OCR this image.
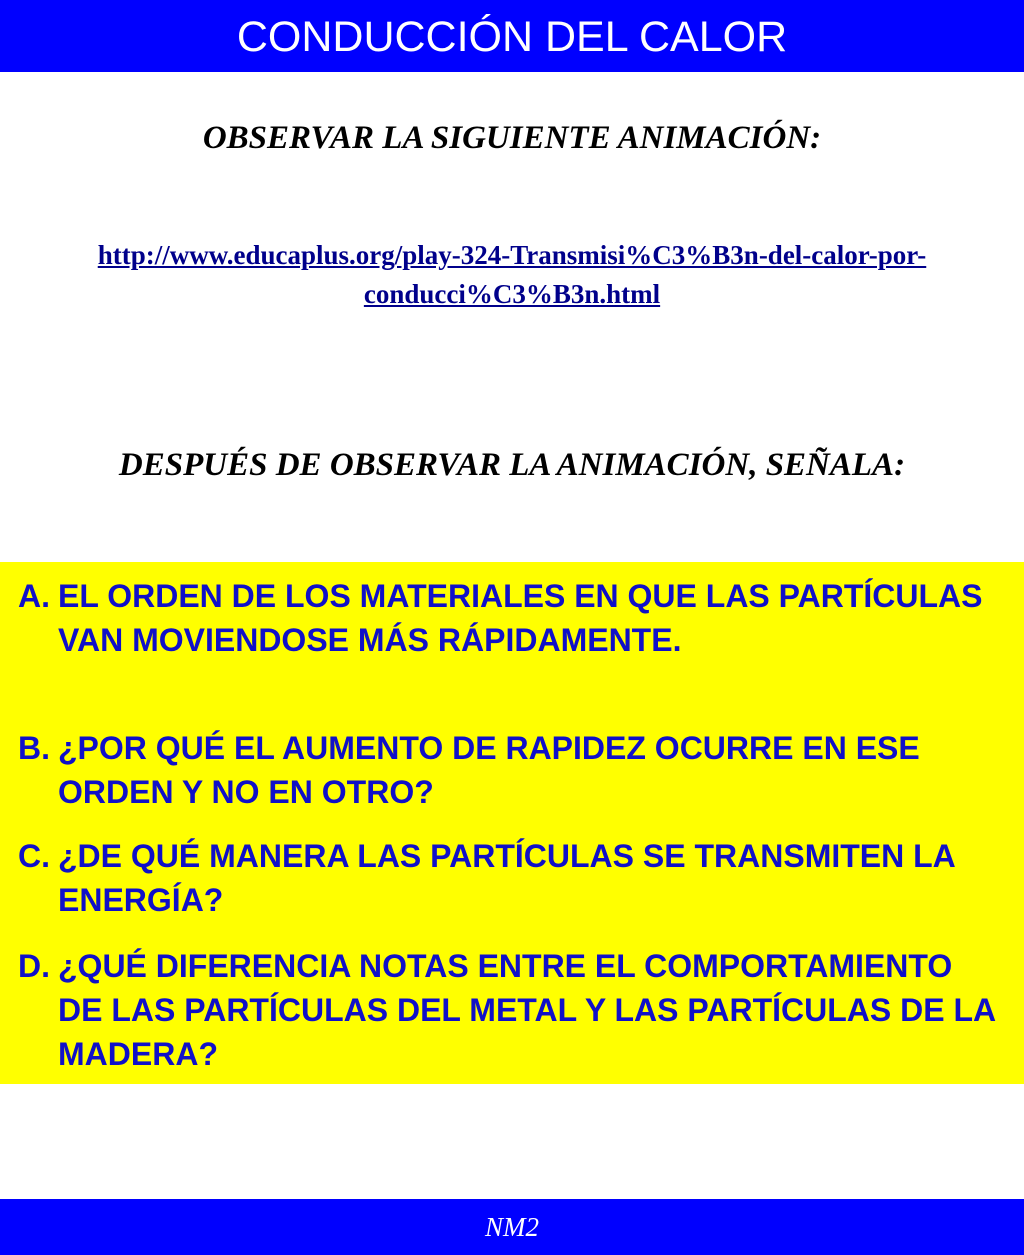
CONDUCCIÓN DEL CALOR
OBSERVAR LA SIGUIENTE ANIMACIÓN:
http://www.educaplus.org/play-324-Transmisi%C3%B3n-del-calor-por-conducci%C3%B3n.html
DESPUÉS DE OBSERVAR LA ANIMACIÓN, SEÑALA:
A. EL ORDEN DE LOS MATERIALES EN QUE LAS PARTÍCULAS VAN MOVIENDOSE MÁS RÁPIDAMENTE.
B. ¿POR QUÉ EL AUMENTO DE RAPIDEZ OCURRE EN ESE ORDEN Y NO EN OTRO?
C. ¿DE QUÉ MANERA LAS PARTÍCULAS SE TRANSMITEN LA ENERGÍA?
D. ¿QUÉ DIFERENCIA NOTAS ENTRE EL COMPORTAMIENTO DE LAS PARTÍCULAS DEL METAL Y LAS PARTÍCULAS DE LA MADERA?
NM2
